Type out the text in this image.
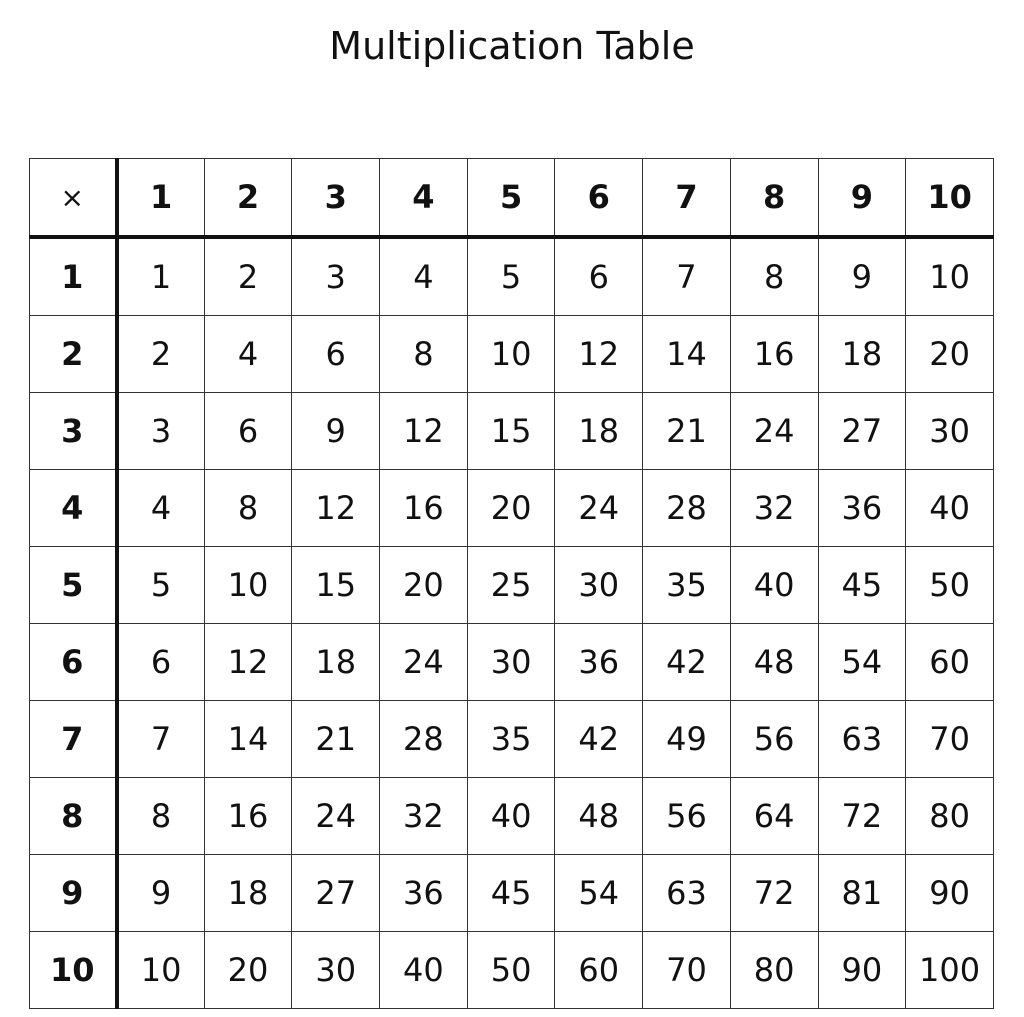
Multiplication Table
×	1	2	3	4	5	6	7	8	9	10
1	1	2	3	4	5	6	7	8	9	10
2	2	4	6	8	10	12	14	16	18	20
3	3	6	9	12	15	18	21	24	27	30
4	4	8	12	16	20	24	28	32	36	40
5	5	10	15	20	25	30	35	40	45	50
6	6	12	18	24	30	36	42	48	54	60
7	7	14	21	28	35	42	49	56	63	70
8	8	16	24	32	40	48	56	64	72	80
9	9	18	27	36	45	54	63	72	81	90
10	10	20	30	40	50	60	70	80	90	100
